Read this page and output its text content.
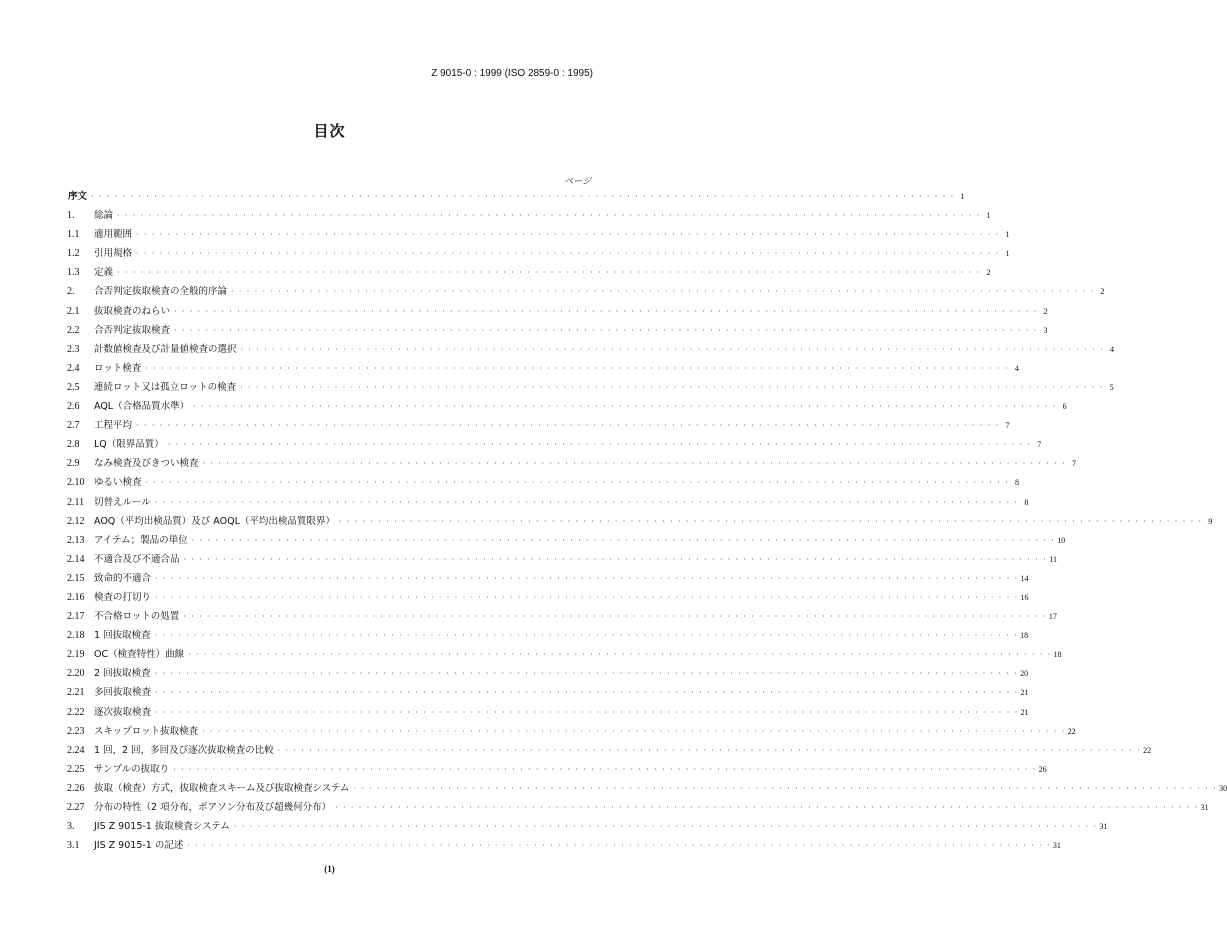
Z 9015-0 : 1999 (ISO 2859-0 : 1995)
目次
ページ
序文 · · · · · · · · · · · · · · · · · · · · · · · · · · · · · · · · · · · · · · · · · · · · · · · · · · · · · · · · · · · · · · · · · · · · · · · · · · · · · · · · · · · · · · · · · · · · · · · · · · · · · · · · · · · · · · 1
1.	総論 · · · · · · · · · · · · · · · · · · · · · · · · · · · · · · · · · · · · · · · · · · · · · · · · · · · · · · · · · · · · · · · · · · · · · · · · · · · · · · · · · · · · · · · · · · · · · · · · · · · · · · · · · · · · · · 1
1.1	適用範囲 · · · · · · · · · · · · · · · · · · · · · · · · · · · · · · · · · · · · · · · · · · · · · · · · · · · · · · · · · · · · · · · · · · · · · · · · · · · · · · · · · · · · · · · · · · · · · · · · · · · · · · · · · · · · · · 1
1.2	引用規格 · · · · · · · · · · · · · · · · · · · · · · · · · · · · · · · · · · · · · · · · · · · · · · · · · · · · · · · · · · · · · · · · · · · · · · · · · · · · · · · · · · · · · · · · · · · · · · · · · · · · · · · · · · · · · · 1
1.3	定義 · · · · · · · · · · · · · · · · · · · · · · · · · · · · · · · · · · · · · · · · · · · · · · · · · · · · · · · · · · · · · · · · · · · · · · · · · · · · · · · · · · · · · · · · · · · · · · · · · · · · · · · · · · · · · · 2
2.	合否判定抜取検査の全般的序論 · · · · · · · · · · · · · · · · · · · · · · · · · · · · · · · · · · · · · · · · · · · · · · · · · · · · · · · · · · · · · · · · · · · · · · · · · · · · · · · · · · · · · · · · · · · · · · · · · · · · · · · · · · · · · · 2
2.1	抜取検査のねらい · · · · · · · · · · · · · · · · · · · · · · · · · · · · · · · · · · · · · · · · · · · · · · · · · · · · · · · · · · · · · · · · · · · · · · · · · · · · · · · · · · · · · · · · · · · · · · · · · · · · · · · · · · · · · · 2
2.2	合否判定抜取検査 · · · · · · · · · · · · · · · · · · · · · · · · · · · · · · · · · · · · · · · · · · · · · · · · · · · · · · · · · · · · · · · · · · · · · · · · · · · · · · · · · · · · · · · · · · · · · · · · · · · · · · · · · · · · · · 3
2.3	計数値検査及び計量値検査の選択 · · · · · · · · · · · · · · · · · · · · · · · · · · · · · · · · · · · · · · · · · · · · · · · · · · · · · · · · · · · · · · · · · · · · · · · · · · · · · · · · · · · · · · · · · · · · · · · · · · · · · · · · · · · · · · 4
2.4	ロット検査 · · · · · · · · · · · · · · · · · · · · · · · · · · · · · · · · · · · · · · · · · · · · · · · · · · · · · · · · · · · · · · · · · · · · · · · · · · · · · · · · · · · · · · · · · · · · · · · · · · · · · · · · · · · · · · 4
2.5	連続ロット又は孤立ロットの検査 · · · · · · · · · · · · · · · · · · · · · · · · · · · · · · · · · · · · · · · · · · · · · · · · · · · · · · · · · · · · · · · · · · · · · · · · · · · · · · · · · · · · · · · · · · · · · · · · · · · · · · · · · · · · · · 5
2.6	AQL（合格品質水準） · · · · · · · · · · · · · · · · · · · · · · · · · · · · · · · · · · · · · · · · · · · · · · · · · · · · · · · · · · · · · · · · · · · · · · · · · · · · · · · · · · · · · · · · · · · · · · · · · · · · · · · · · · · · · · 6
2.7	工程平均 · · · · · · · · · · · · · · · · · · · · · · · · · · · · · · · · · · · · · · · · · · · · · · · · · · · · · · · · · · · · · · · · · · · · · · · · · · · · · · · · · · · · · · · · · · · · · · · · · · · · · · · · · · · · · · 7
2.8	LQ（限界品質） · · · · · · · · · · · · · · · · · · · · · · · · · · · · · · · · · · · · · · · · · · · · · · · · · · · · · · · · · · · · · · · · · · · · · · · · · · · · · · · · · · · · · · · · · · · · · · · · · · · · · · · · · · · · · · 7
2.9	なみ検査及びきつい検査 · · · · · · · · · · · · · · · · · · · · · · · · · · · · · · · · · · · · · · · · · · · · · · · · · · · · · · · · · · · · · · · · · · · · · · · · · · · · · · · · · · · · · · · · · · · · · · · · · · · · · · · · · · · · · · 7
2.10	ゆるい検査 · · · · · · · · · · · · · · · · · · · · · · · · · · · · · · · · · · · · · · · · · · · · · · · · · · · · · · · · · · · · · · · · · · · · · · · · · · · · · · · · · · · · · · · · · · · · · · · · · · · · · · · · · · · · · · 8
2.11	切替えルール · · · · · · · · · · · · · · · · · · · · · · · · · · · · · · · · · · · · · · · · · · · · · · · · · · · · · · · · · · · · · · · · · · · · · · · · · · · · · · · · · · · · · · · · · · · · · · · · · · · · · · · · · · · · · · 8
2.12	AOQ（平均出検品質）及び AOQL（平均出検品質限界） · · · · · · · · · · · · · · · · · · · · · · · · · · · · · · · · · · · · · · · · · · · · · · · · · · · · · · · · · · · · · · · · · · · · · · · · · · · · · · · · · · · · · · · · · · · · · · · · · · · · · · · · · · · · · · 9
2.13	アイテム；製品の単位 · · · · · · · · · · · · · · · · · · · · · · · · · · · · · · · · · · · · · · · · · · · · · · · · · · · · · · · · · · · · · · · · · · · · · · · · · · · · · · · · · · · · · · · · · · · · · · · · · · · · · · · · · · · · · · 10
2.14	不適合及び不適合品 · · · · · · · · · · · · · · · · · · · · · · · · · · · · · · · · · · · · · · · · · · · · · · · · · · · · · · · · · · · · · · · · · · · · · · · · · · · · · · · · · · · · · · · · · · · · · · · · · · · · · · · · · · · · · · 11
2.15	致命的不適合 · · · · · · · · · · · · · · · · · · · · · · · · · · · · · · · · · · · · · · · · · · · · · · · · · · · · · · · · · · · · · · · · · · · · · · · · · · · · · · · · · · · · · · · · · · · · · · · · · · · · · · · · · · · · · · 14
2.16	検査の打切り · · · · · · · · · · · · · · · · · · · · · · · · · · · · · · · · · · · · · · · · · · · · · · · · · · · · · · · · · · · · · · · · · · · · · · · · · · · · · · · · · · · · · · · · · · · · · · · · · · · · · · · · · · · · · · 16
2.17	不合格ロットの処置 · · · · · · · · · · · · · · · · · · · · · · · · · · · · · · · · · · · · · · · · · · · · · · · · · · · · · · · · · · · · · · · · · · · · · · · · · · · · · · · · · · · · · · · · · · · · · · · · · · · · · · · · · · · · · · 17
2.18	1 回抜取検査 · · · · · · · · · · · · · · · · · · · · · · · · · · · · · · · · · · · · · · · · · · · · · · · · · · · · · · · · · · · · · · · · · · · · · · · · · · · · · · · · · · · · · · · · · · · · · · · · · · · · · · · · · · · · · · 18
2.19	OC（検査特性）曲線 · · · · · · · · · · · · · · · · · · · · · · · · · · · · · · · · · · · · · · · · · · · · · · · · · · · · · · · · · · · · · · · · · · · · · · · · · · · · · · · · · · · · · · · · · · · · · · · · · · · · · · · · · · · · · · 18
2.20	2 回抜取検査 · · · · · · · · · · · · · · · · · · · · · · · · · · · · · · · · · · · · · · · · · · · · · · · · · · · · · · · · · · · · · · · · · · · · · · · · · · · · · · · · · · · · · · · · · · · · · · · · · · · · · · · · · · · · · · 20
2.21	多回抜取検査 · · · · · · · · · · · · · · · · · · · · · · · · · · · · · · · · · · · · · · · · · · · · · · · · · · · · · · · · · · · · · · · · · · · · · · · · · · · · · · · · · · · · · · · · · · · · · · · · · · · · · · · · · · · · · · 21
2.22	逐次抜取検査 · · · · · · · · · · · · · · · · · · · · · · · · · · · · · · · · · · · · · · · · · · · · · · · · · · · · · · · · · · · · · · · · · · · · · · · · · · · · · · · · · · · · · · · · · · · · · · · · · · · · · · · · · · · · · · 21
2.23	スキップロット抜取検査 · · · · · · · · · · · · · · · · · · · · · · · · · · · · · · · · · · · · · · · · · · · · · · · · · · · · · · · · · · · · · · · · · · · · · · · · · · · · · · · · · · · · · · · · · · · · · · · · · · · · · · · · · · · · · · 22
2.24	1 回，2 回，多回及び逐次抜取検査の比較 · · · · · · · · · · · · · · · · · · · · · · · · · · · · · · · · · · · · · · · · · · · · · · · · · · · · · · · · · · · · · · · · · · · · · · · · · · · · · · · · · · · · · · · · · · · · · · · · · · · · · · · · · · · · · · 22
2.25	サンプルの抜取り · · · · · · · · · · · · · · · · · · · · · · · · · · · · · · · · · · · · · · · · · · · · · · · · · · · · · · · · · · · · · · · · · · · · · · · · · · · · · · · · · · · · · · · · · · · · · · · · · · · · · · · · · · · · · · 26
2.26	抜取（検査）方式，抜取検査スキーム及び抜取検査システム · · · · · · · · · · · · · · · · · · · · · · · · · · · · · · · · · · · · · · · · · · · · · · · · · · · · · · · · · · · · · · · · · · · · · · · · · · · · · · · · · · · · · · · · · · · · · · · · · · · · · · · · · · · · · · 30
2.27	分布の特性（2 項分布，ポアソン分布及び超幾何分布） · · · · · · · · · · · · · · · · · · · · · · · · · · · · · · · · · · · · · · · · · · · · · · · · · · · · · · · · · · · · · · · · · · · · · · · · · · · · · · · · · · · · · · · · · · · · · · · · · · · · · · · · · · · · · · 31
3.	JIS Z 9015-1 抜取検査システム · · · · · · · · · · · · · · · · · · · · · · · · · · · · · · · · · · · · · · · · · · · · · · · · · · · · · · · · · · · · · · · · · · · · · · · · · · · · · · · · · · · · · · · · · · · · · · · · · · · · · · · · · · · · · · 31
3.1	JIS Z 9015-1 の記述 · · · · · · · · · · · · · · · · · · · · · · · · · · · · · · · · · · · · · · · · · · · · · · · · · · · · · · · · · · · · · · · · · · · · · · · · · · · · · · · · · · · · · · · · · · · · · · · · · · · · · · · · · · · · · · 31
(1)
